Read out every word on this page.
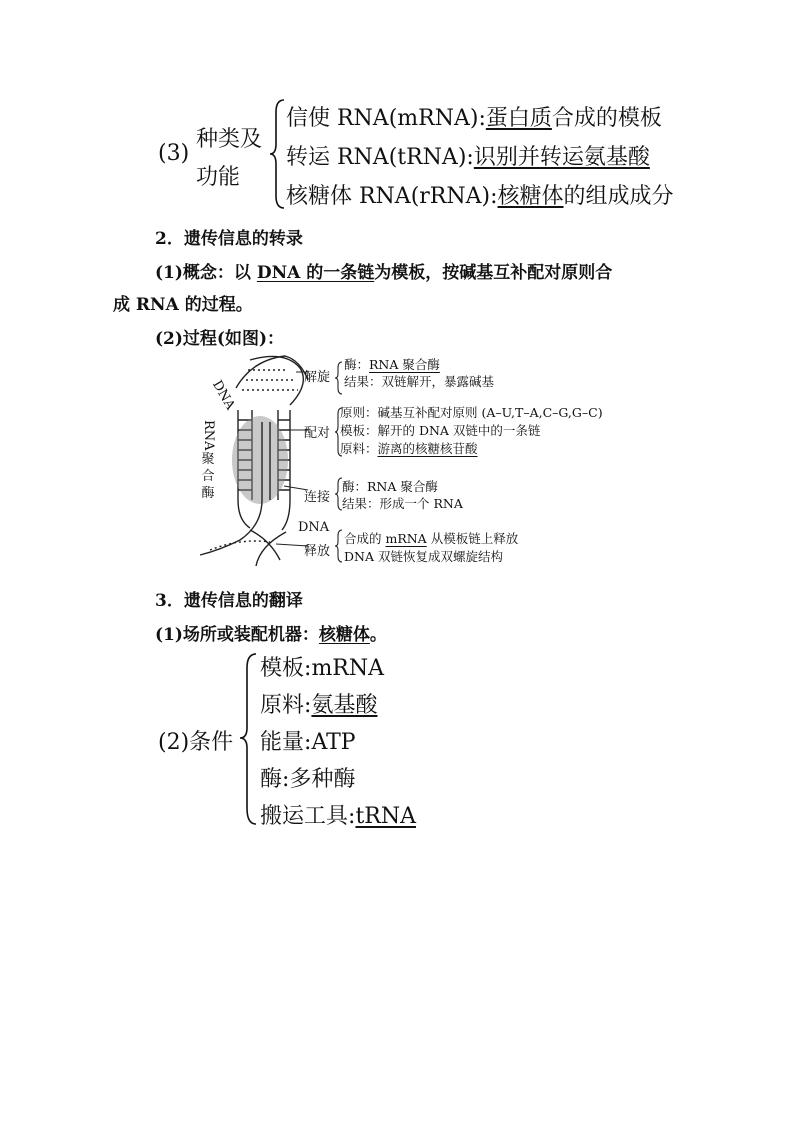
(3)
种类及
功能
信使 RNA(mRNA):蛋白质合成的模板
转运 RNA(tRNA):识别并转运氨基酸
核糖体 RNA(rRNA):核糖体的组成成分
2．遗传信息的转录
(1)概念：以 DNA 的一条链为模板，按碱基互补配对原则合
成 RNA 的过程。
(2)过程(如图)：
DNA
RNA
聚
合
酶
DNA
解旋
配对
连接
释放
酶：RNA 聚合酶
结果：双链解开，暴露碱基
原则：碱基互补配对原则 (A–U,T–A,C–G,G–C)
模板：解开的 DNA 双链中的一条链
原料：游离的核糖核苷酸
酶：RNA 聚合酶
结果：形成一个 RNA
合成的 mRNA 从模板链上释放
DNA 双链恢复成双螺旋结构
3．遗传信息的翻译
(1)场所或装配机器：核糖体。
(2)条件
模板:mRNA
原料:氨基酸
能量:ATP
酶:多种酶
搬运工具:tRNA
